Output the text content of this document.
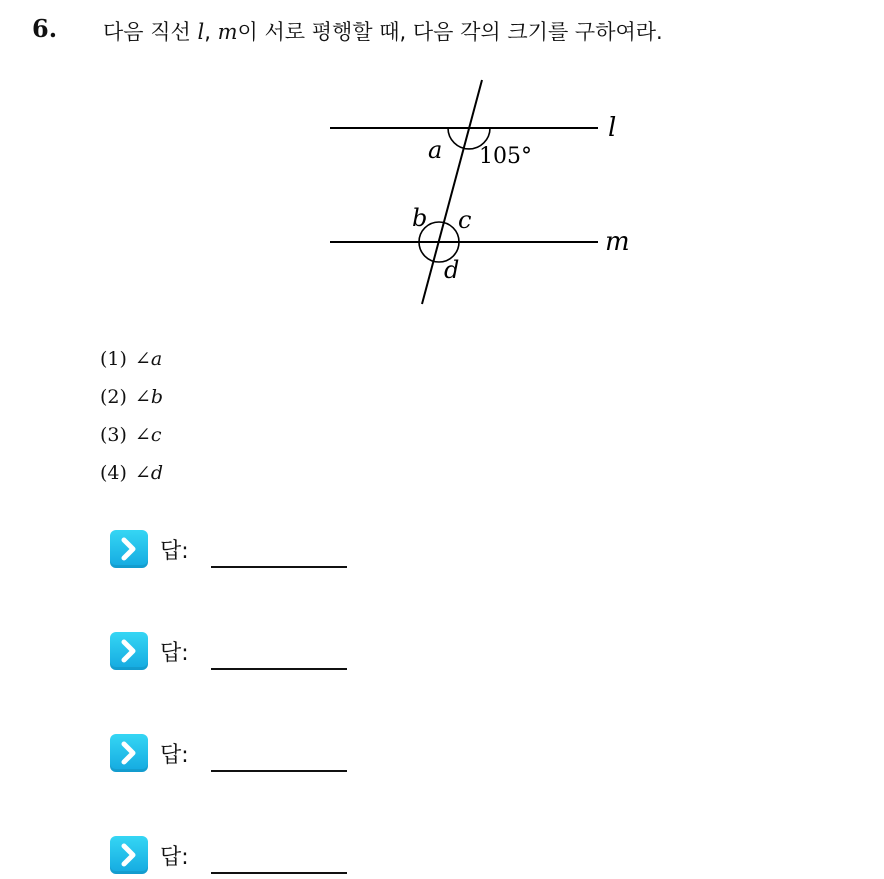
6. 다음 직선 l, m이 서로 평행할 때, 다음 각의 크기를 구하여라.
l
m
a 105°
b c
d
(1) ∠a
(2) ∠b
(3) ∠c
(4) ∠d
답:
답:
답:
답:
